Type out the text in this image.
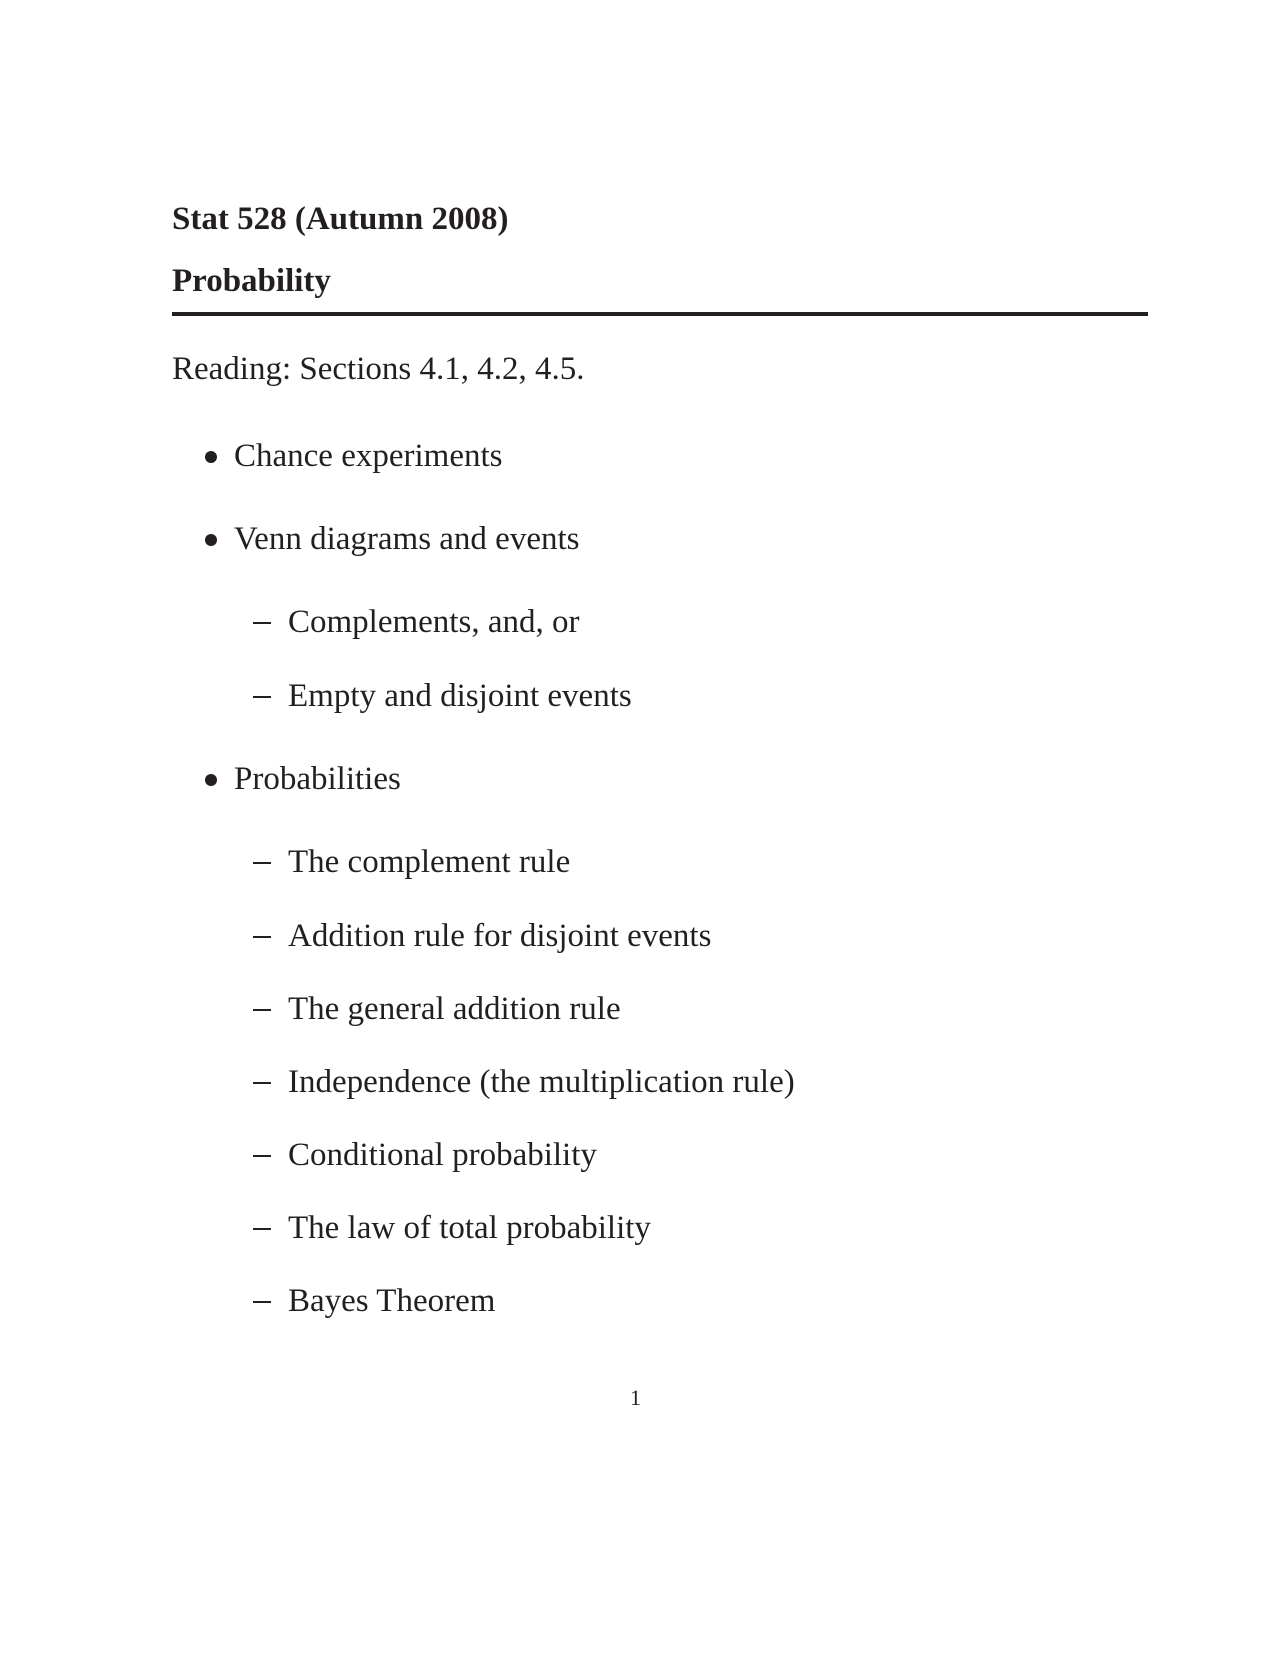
Stat 528 (Autumn 2008)
Probability
Reading: Sections 4.1, 4.2, 4.5.
Chance experiments
Venn diagrams and events
Complements, and, or
Empty and disjoint events
Probabilities
The complement rule
Addition rule for disjoint events
The general addition rule
Independence (the multiplication rule)
Conditional probability
The law of total probability
Bayes Theorem
1
